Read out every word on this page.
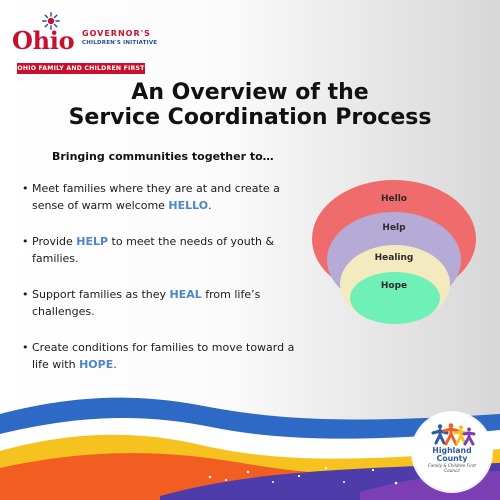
Ohio GOVERNOR'S
CHILDREN'S INITIATIVE
OHIO FAMILY AND CHILDREN FIRST
An Overview of the
Service Coordination Process
Bringing communities together to…
• Meet families where they are at and create a sense of warm welcome HELLO.
• Provide HELP to meet the needs of youth & families.
• Support families as they HEAL from life’s challenges.
• Create conditions for families to move toward a life with HOPE.
Hello
Help
Healing
Hope
Highland County
Family & Children First Council
